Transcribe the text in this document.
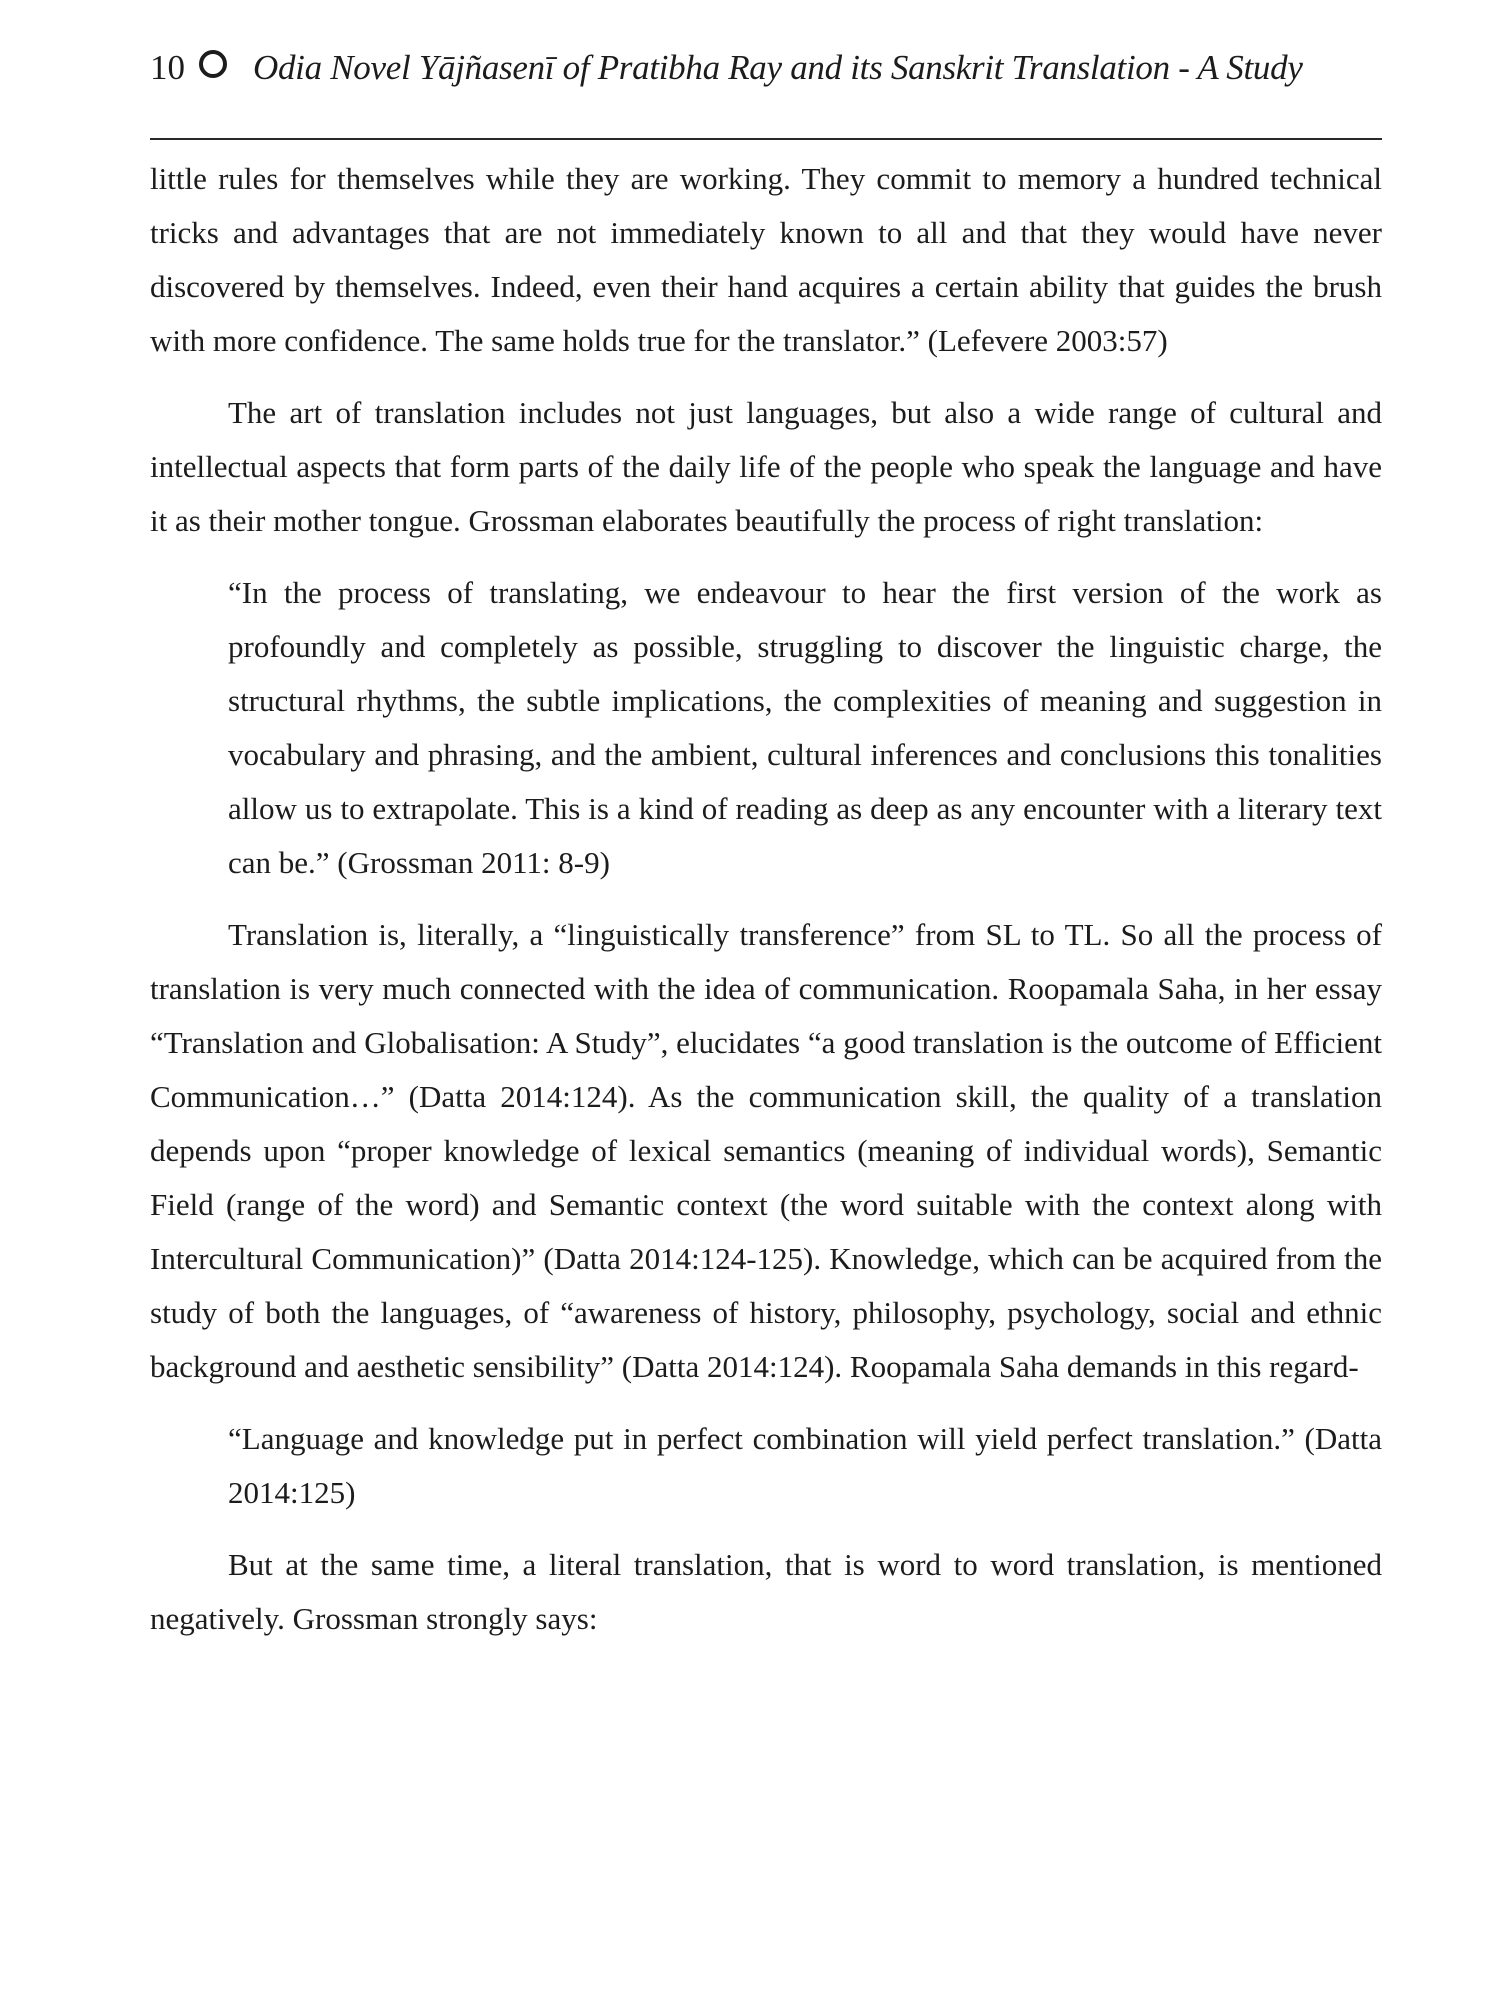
10 Odia Novel Yājñasenī of Pratibha Ray and its Sanskrit Translation - A Study

little rules for themselves while they are working. They commit to memory a hundred technical tricks and advantages that are not immediately known to all and that they would have never discovered by themselves. Indeed, even their hand acquires a certain ability that guides the brush with more confidence. The same holds true for the translator.” (Lefevere 2003:57)

The art of translation includes not just languages, but also a wide range of cultural and intellectual aspects that form parts of the daily life of the people who speak the language and have it as their mother tongue. Grossman elaborates beautifully the process of right translation:

“In the process of translating, we endeavour to hear the first version of the work as profoundly and completely as possible, struggling to discover the linguistic charge, the structural rhythms, the subtle implications, the complexities of meaning and suggestion in vocabulary and phrasing, and the ambient, cultural inferences and conclusions this tonalities allow us to extrapolate. This is a kind of reading as deep as any encounter with a literary text can be.” (Grossman 2011: 8-9)

Translation is, literally, a “linguistically transference” from SL to TL. So all the process of translation is very much connected with the idea of communication. Roopamala Saha, in her essay “Translation and Globalisation: A Study”, elucidates “a good translation is the outcome of Efficient Communication…” (Datta 2014:124). As the communication skill, the quality of a translation depends upon “proper knowledge of lexical semantics (meaning of individual words), Semantic Field (range of the word) and Semantic context (the word suitable with the context along with Intercultural Communication)” (Datta 2014:124-125). Knowledge, which can be acquired from the study of both the languages, of “awareness of history, philosophy, psychology, social and ethnic background and aesthetic sensibility” (Datta 2014:124). Roopamala Saha demands in this regard-

“Language and knowledge put in perfect combination will yield perfect translation.” (Datta 2014:125)

But at the same time, a literal translation, that is word to word translation, is mentioned negatively. Grossman strongly says:
